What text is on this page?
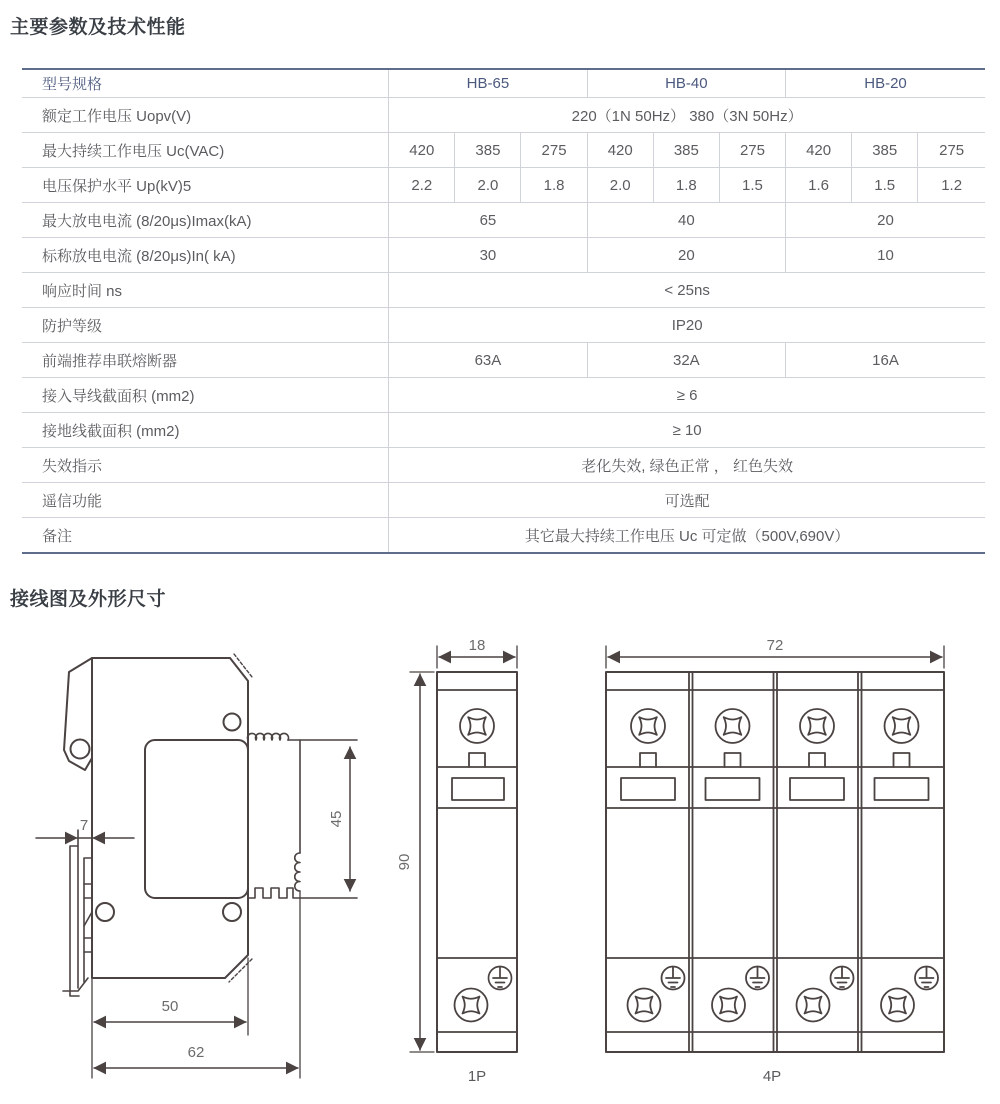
主要参数及技术性能
型号规格	HB-65			HB-40			HB-20		
额定工作电压 Uopv(V)	220（1N 50Hz） 380（3N 50Hz）								
最大持续工作电压 Uc(VAC)	420	385	275	420	385	275	420	385	275
电压保护水平 Up(kV)5	2.2	2.0	1.8	2.0	1.8	1.5	1.6	1.5	1.2
最大放电电流 (8/20μs)Imax(kA)	65			40			20		
标称放电电流 (8/20μs)In( kA)	30			20			10		
响应时间 ns	< 25ns								
防护等级	IP20								
前端推荐串联熔断器	63A			32A			16A		
接入导线截面积 (mm2)	≥ 6								
接地线截面积 (mm2)	≥ 10								
失效指示	老化失效, 绿色正常 ， 红色失效								
遥信功能	可选配								
备注	其它最大持续工作电压 Uc 可定做（500V,690V）								
接线图及外形尺寸
7	45
50
62
18
90
1P
72
4P
